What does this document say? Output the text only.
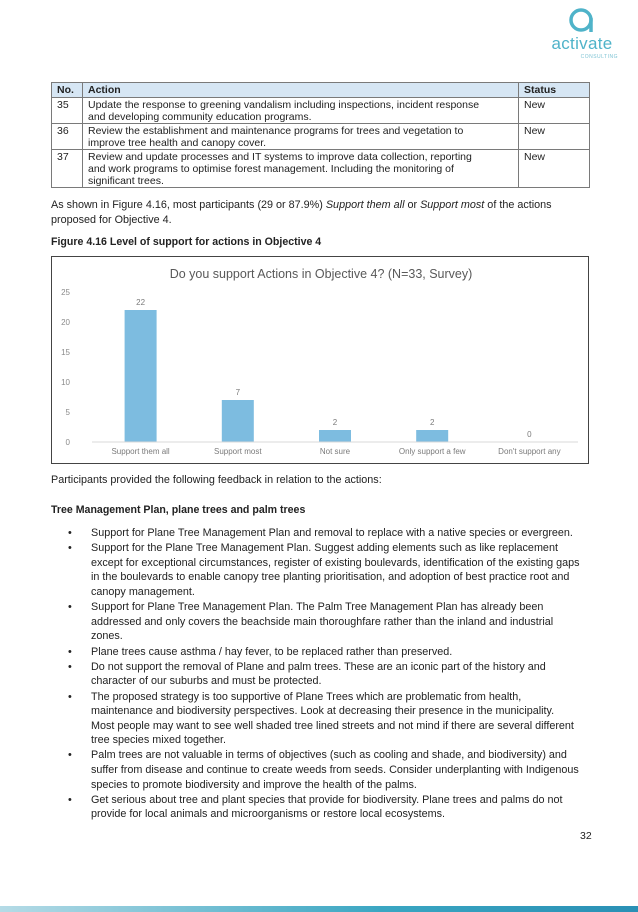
activate
CONSULTING
No.	Action	Status
35	Update the response to greening vandalism including inspections, incident response
and developing community education programs.	New
36	Review the establishment and maintenance programs for trees and vegetation to
improve tree health and canopy cover.	New
37	Review and update processes and IT systems to improve data collection, reporting
and work programs to optimise forest management. Including the monitoring of
significant trees.	New
As shown in Figure 4.16, most participants (29 or 87.9%) Support them all or Support most of the actions
proposed for Objective 4.
Figure 4.16 Level of support for actions in Objective 4
Do you support Actions in Objective 4? (N=33, Survey)
0
5
10
15
20
25
22
Support them all
7
Support most
2
Not sure
2
Only support a few
0
Don't support any
Participants provided the following feedback in relation to the actions:
Tree Management Plan, plane trees and palm trees
• Support for Plane Tree Management Plan and removal to replace with a native species or evergreen.
• Support for the Plane Tree Management Plan. Suggest adding elements such as like replacement
except for exceptional circumstances, register of existing boulevards, identification of the existing gaps
in the boulevards to enable canopy tree planting prioritisation, and adoption of best practice root and
canopy management.
• Support for Plane Tree Management Plan. The Palm Tree Management Plan has already been
addressed and only covers the beachside main thoroughfare rather than the inland and industrial
zones.
• Plane trees cause asthma / hay fever, to be replaced rather than preserved.
• Do not support the removal of Plane and palm trees. These are an iconic part of the history and
character of our suburbs and must be protected.
• The proposed strategy is too supportive of Plane Trees which are problematic from health,
maintenance and biodiversity perspectives. Look at decreasing their presence in the municipality.
Most people may want to see well shaded tree lined streets and not mind if there are several different
tree species mixed together.
• Palm trees are not valuable in terms of objectives (such as cooling and shade, and biodiversity) and
suffer from disease and continue to create weeds from seeds. Consider underplanting with Indigenous
species to promote biodiversity and improve the health of the palms.
• Get serious about tree and plant species that provide for biodiversity. Plane trees and palms do not
provide for local animals and microorganisms or restore local ecosystems.
32
